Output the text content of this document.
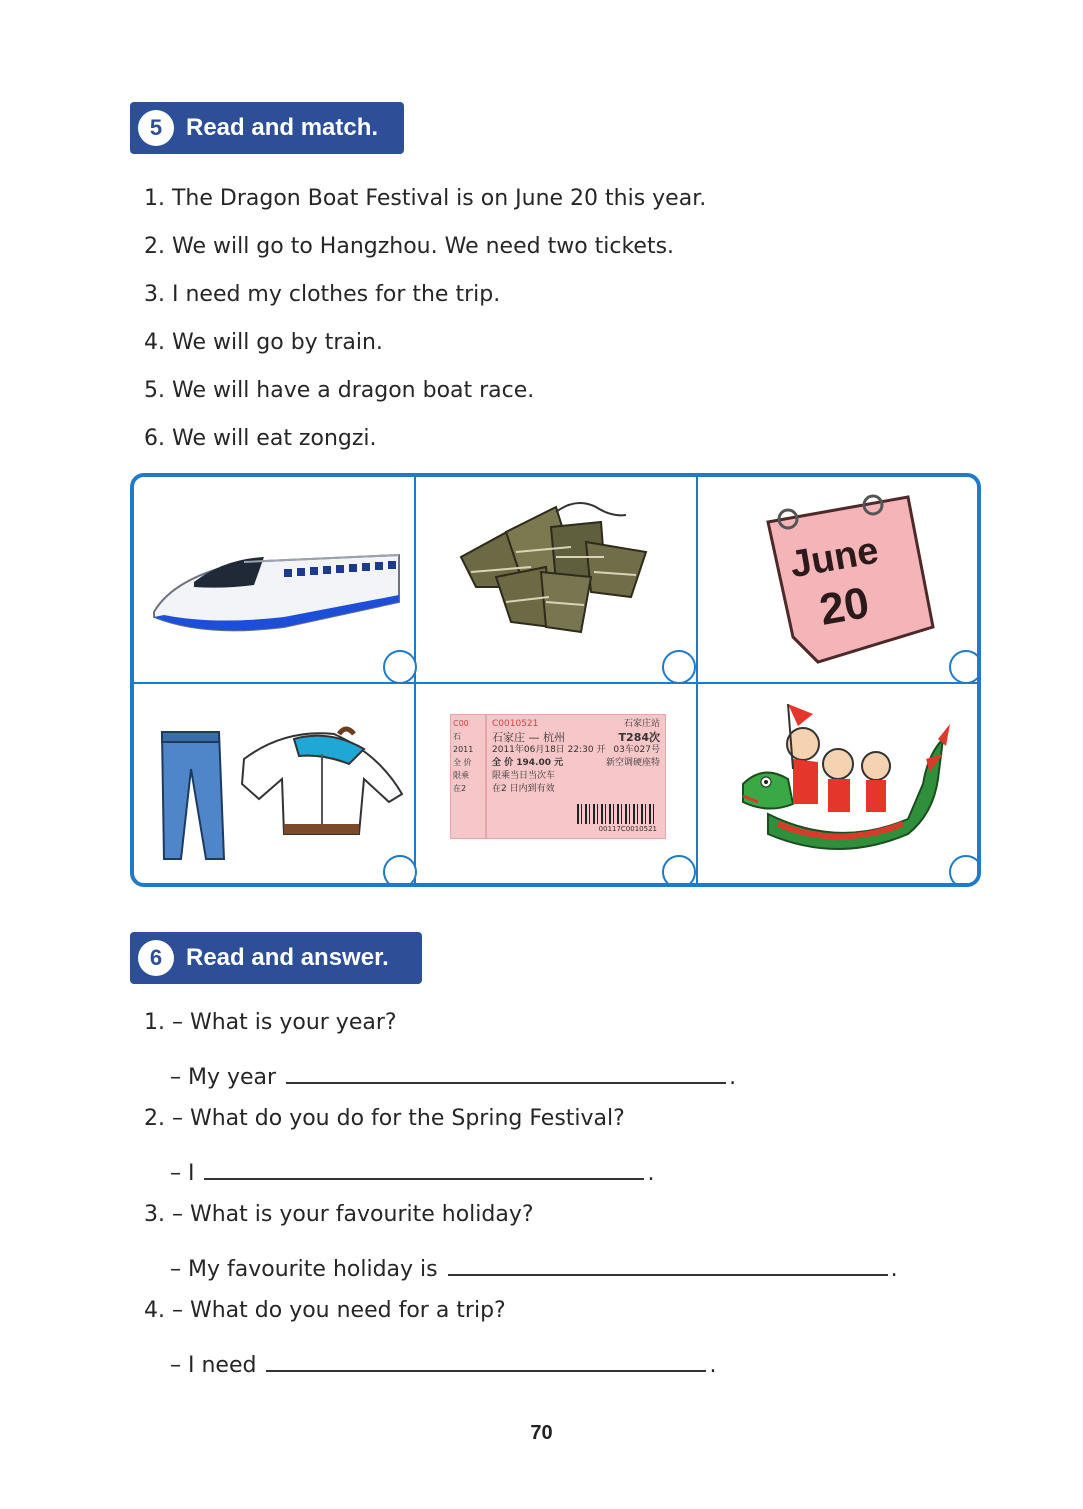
5 Read and match.
1. The Dragon Boat Festival is on June 20 this year.
2. We will go to Hangzhou. We need two tickets.
3. I need my clothes for the trip.
4. We will go by train.
5. We will have a dragon boat race.
6. We will eat zongzi.
June
20
C00
石
2011
全 价
限乘
在2
C0010521	石家庄站
石家庄 — 杭州	T284次
2011年06月18日 22:30 开 03车027号
全 价 194.00 元	新空调硬座特
限乘当日当次车
在2 日内到有效
00117C0010521
6 Read and answer.
1. – What is your year?
– My year	.
2. – What do you do for the Spring Festival?
– I	.
3. – What is your favourite holiday?
– My favourite holiday is	.
4. – What do you need for a trip?
– I need	.
70
